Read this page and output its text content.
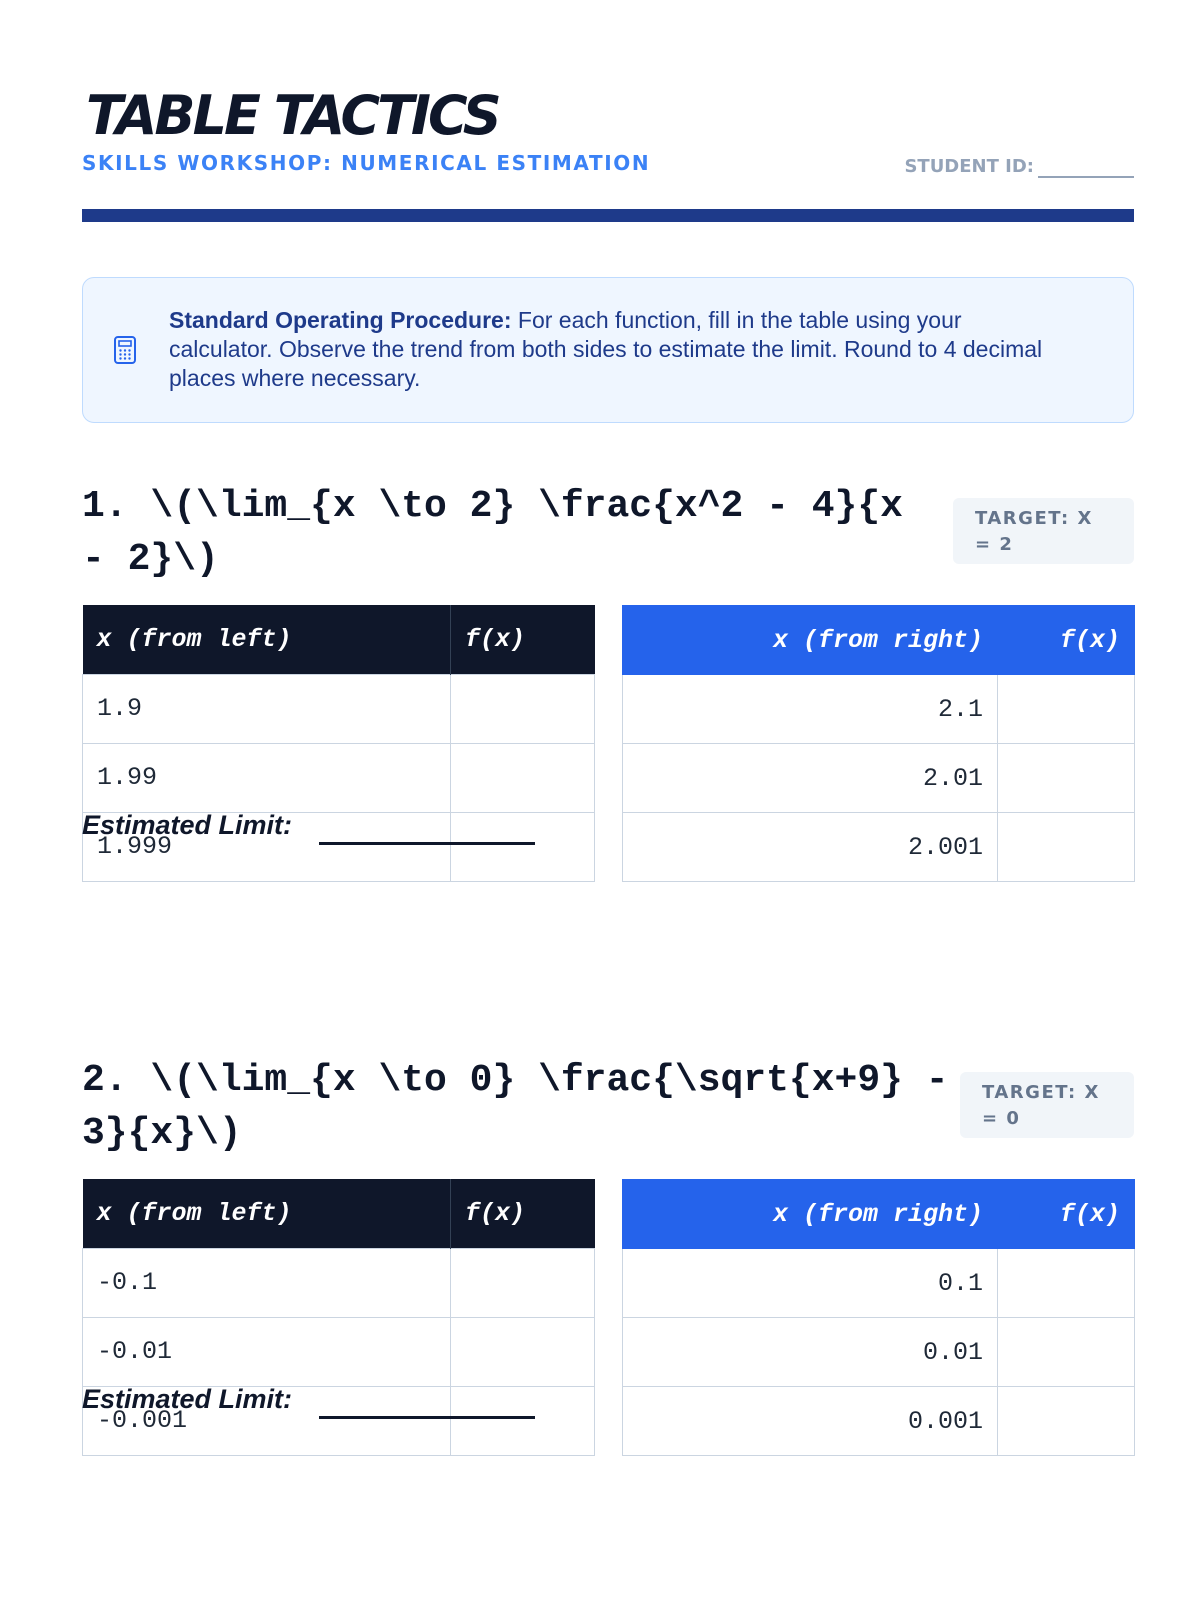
TABLE TACTICS
SKILLS WORKSHOP: NUMERICAL ESTIMATION	STUDENT ID:
Standard Operating Procedure: For each function, fill in the table using your calculator. Observe the trend from both sides to estimate the limit. Round to 4 decimal places where necessary.
1. \(\lim_{x \to 2} \frac{x^2 - 4}{x - 2}\)
TARGET: X = 2
x (from left)	f(x)
1.9	
1.99	
1.999	
x (from right)	f(x)
2.1	
2.01	
2.001	
Estimated Limit:
2. \(\lim_{x \to 0} \frac{\sqrt{x+9} - 3}{x}\)
TARGET: X = 0
x (from left)	f(x)
-0.1	
-0.01	
-0.001	
x (from right)	f(x)
0.1	
0.01	
0.001	
Estimated Limit:
